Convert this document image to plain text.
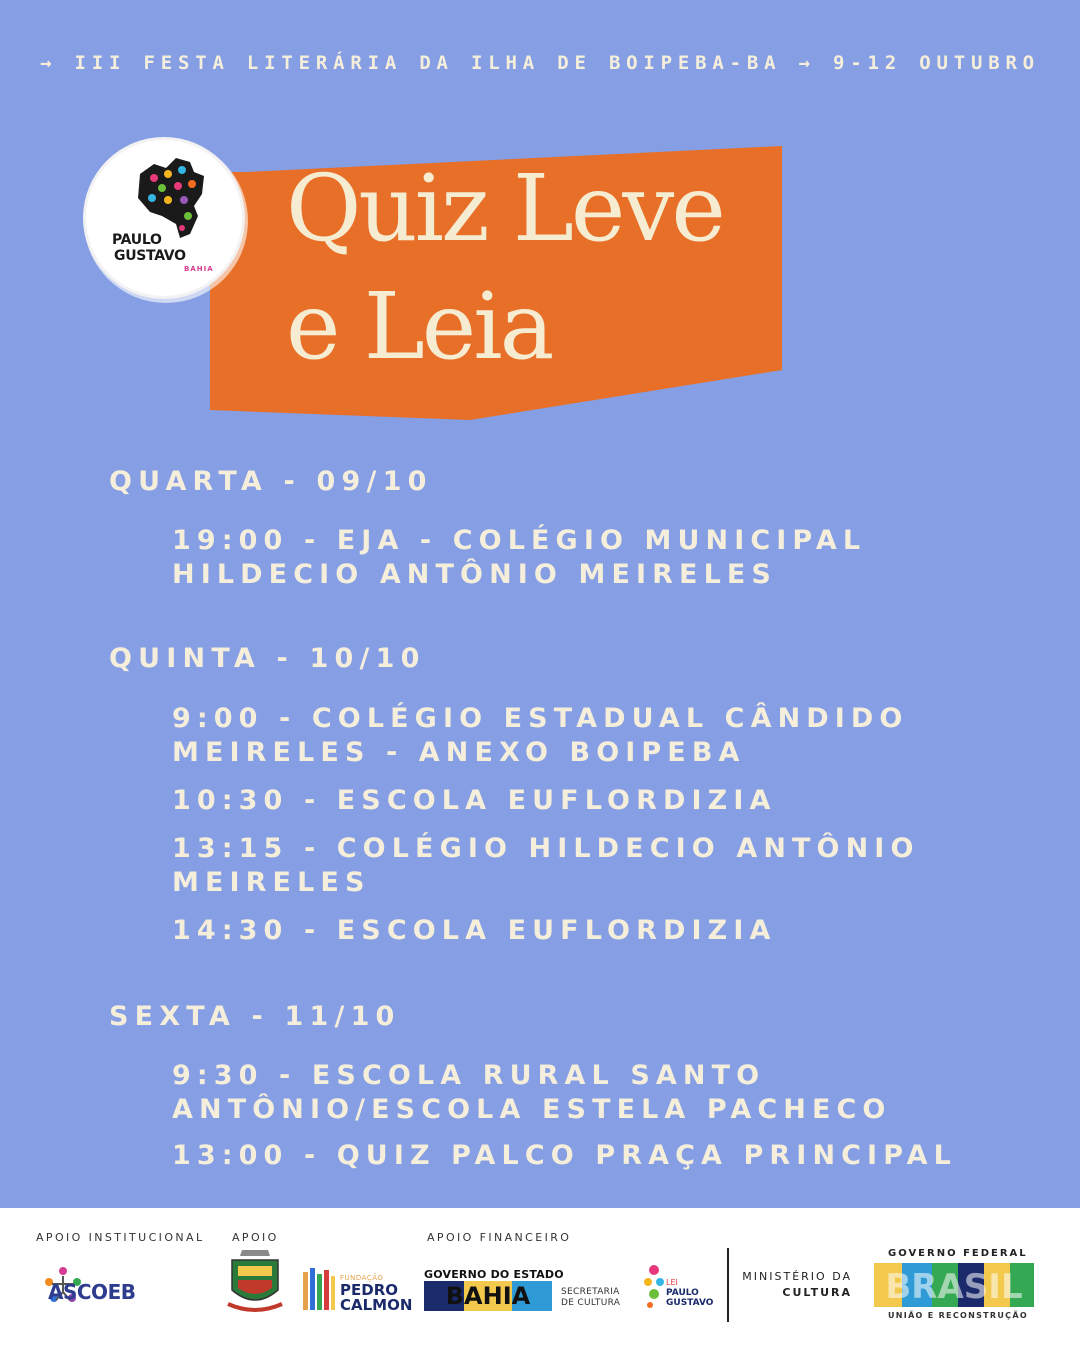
→ III FESTA LITERÁRIA DA ILHA DE BOIPEBA-BA → 9-12 OUTUBRO
Quiz Leve
e Leia
PAULO
GUSTAVO
BAHIA
QUARTA - 09/10
19:00 - EJA - COLÉGIO MUNICIPAL HILDECIO ANTÔNIO MEIRELES
QUINTA - 10/10
9:00 - COLÉGIO ESTADUAL CÂNDIDO MEIRELES - ANEXO BOIPEBA
10:30 - ESCOLA EUFLORDIZIA
13:15 - COLÉGIO HILDECIO ANTÔNIO MEIRELES
14:30 - ESCOLA EUFLORDIZIA
SEXTA - 11/10
9:30 - ESCOLA RURAL SANTO ANTÔNIO/ESCOLA ESTELA PACHECO
13:00 - QUIZ PALCO PRAÇA PRINCIPAL
APOIO INSTITUCIONAL	APOIO	APOIO FINANCEIRO
ASCOEB
FUNDAÇÃO
PEDRO
CALMON
GOVERNO DO ESTADO
BAHIA	SECRETARIA
DE CULTURA
LEI
PAULO
GUSTAVO
MINISTÉRIO DA
CULTURA
GOVERNO FEDERAL
BRASIL
UNIÃO E RECONSTRUÇÃO
